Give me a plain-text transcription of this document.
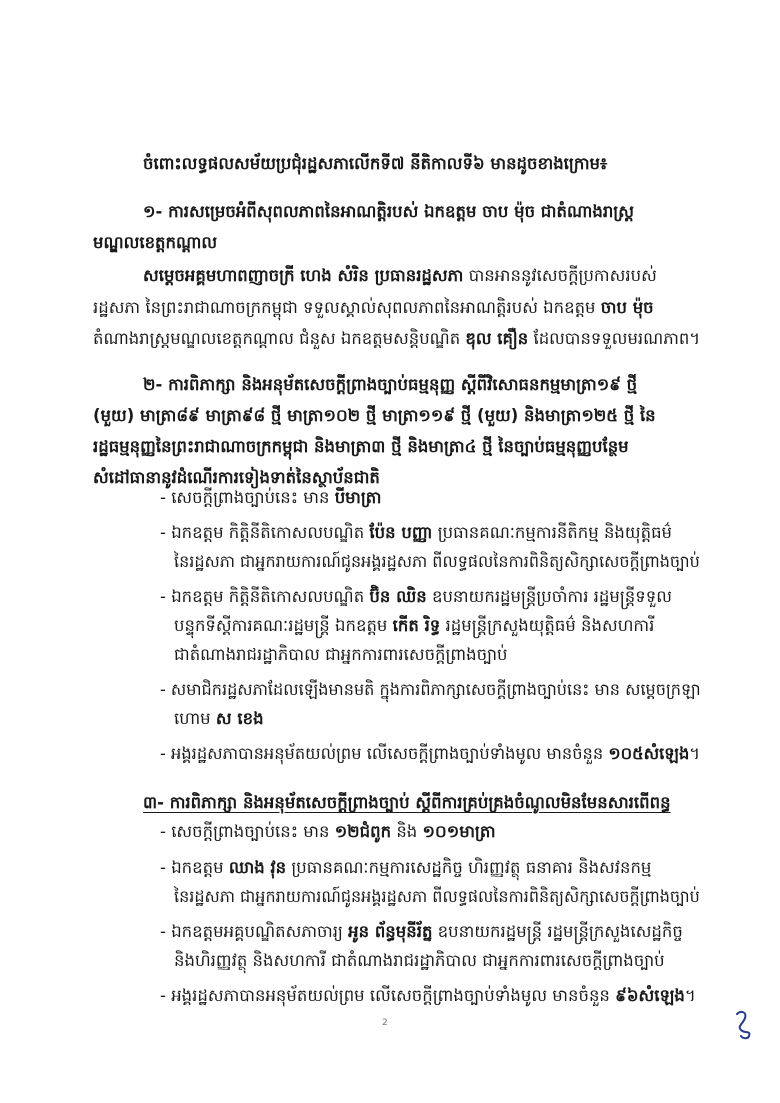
ចំពោះលទ្ធផលសម័យប្រជុំរដ្ឋសភាលើកទី៧ នីតិកាលទី៦ មានដូចខាងក្រោម៖
១- ការសម្រេចអំពីសុពលភាពនៃអាណត្តិរបស់ ឯកឧត្តម ចាប ម៉ុច ជាតំណាងរាស្ត្រ
មណ្ឌលខេត្តកណ្តាល
សម្តេចអគ្គមហាពញាចក្រី ហេង សំរិន ប្រធានរដ្ឋសភា បានអាននូវសេចក្តីប្រកាសរបស់
រដ្ឋសភា នៃព្រះរាជាណាចក្រកម្ពុជា ទទួលស្គាល់សុពលភាពនៃអាណត្តិរបស់ ឯកឧត្តម ចាប ម៉ុច
តំណាងរាស្ត្រមណ្ឌលខេត្តកណ្តាល ជំនួស ឯកឧត្តមសន្តិបណ្ឌិត ឌុល គឿន ដែលបានទទួលមរណភាព។
២- ការពិភាក្សា និងអនុម័តសេចក្តីព្រាងច្បាប់ធម្មនុញ្ញ ស្តីពីវិសោធនកម្មមាត្រា១៩ ថ្មី
(មួយ) មាត្រា៨៩ មាត្រា៩៨ ថ្មី មាត្រា១០២ ថ្មី មាត្រា១១៩ ថ្មី (មួយ) និងមាត្រា១២៥ ថ្មី នៃ
រដ្ឋធម្មនុញ្ញនៃព្រះរាជាណាចក្រកម្ពុជា និងមាត្រា៣ ថ្មី និងមាត្រា៤ ថ្មី នៃច្បាប់ធម្មនុញ្ញបន្ថែម
សំដៅធានានូវដំណើរការទៀងទាត់នៃស្ថាប័នជាតិ
- សេចក្តីព្រាងច្បាប់នេះ មាន បីមាត្រា
- ឯកឧត្តម កិត្តិនីតិកោសលបណ្ឌិត ប៉ែន បញ្ញា ប្រធានគណៈកម្មការនីតិកម្ម និងយុត្តិធម៌
នៃរដ្ឋសភា ជាអ្នករាយការណ៍ជូនអង្គរដ្ឋសភា ពីលទ្ធផលនៃការពិនិត្យសិក្សាសេចក្តីព្រាងច្បាប់
- ឯកឧត្តម កិត្តិនីតិកោសលបណ្ឌិត ប៊ិន ឈិន ឧបនាយករដ្ឋមន្ត្រីប្រចាំការ រដ្ឋមន្ត្រីទទួល
បន្ទុកទីស្តីការគណៈរដ្ឋមន្ត្រី ឯកឧត្តម កើត រិទ្ធ រដ្ឋមន្ត្រីក្រសួងយុត្តិធម៌ និងសហការី
ជាតំណាងរាជរដ្ឋាភិបាល ជាអ្នកការពារសេចក្តីព្រាងច្បាប់
- សមាជិករដ្ឋសភាដែលឡើងមានមតិ ក្នុងការពិភាក្សាសេចក្តីព្រាងច្បាប់នេះ មាន សម្តេចក្រឡា
ហោម ស ខេង
- អង្គរដ្ឋសភាបានអនុម័តយល់ព្រម លើសេចក្តីព្រាងច្បាប់ទាំងមូល មានចំនួន ១០៥សំឡេង។
៣- ការពិភាក្សា និងអនុម័តសេចក្តីព្រាងច្បាប់ ស្តីពីការគ្រប់គ្រងចំណូលមិនមែនសារពើពន្ធ
- សេចក្តីព្រាងច្បាប់នេះ មាន ១២ជំពូក និង ១០១មាត្រា
- ឯកឧត្តម ឈាង វុន ប្រធានគណៈកម្មការសេដ្ឋកិច្ច ហិរញ្ញវត្ថុ ធនាគារ និងសវនកម្ម
នៃរដ្ឋសភា ជាអ្នករាយការណ៍ជូនអង្គរដ្ឋសភា ពីលទ្ធផលនៃការពិនិត្យសិក្សាសេចក្តីព្រាងច្បាប់
- ឯកឧត្តមអគ្គបណ្ឌិតសភាចារ្យ អូន ព័ន្ធមុនីរ័ត្ន ឧបនាយករដ្ឋមន្ត្រី រដ្ឋមន្ត្រីក្រសួងសេដ្ឋកិច្ច
និងហិរញ្ញវត្ថុ និងសហការី ជាតំណាងរាជរដ្ឋាភិបាល ជាអ្នកការពារសេចក្តីព្រាងច្បាប់
- អង្គរដ្ឋសភាបានអនុម័តយល់ព្រម លើសេចក្តីព្រាងច្បាប់ទាំងមូល មានចំនួន ៩៦សំឡេង។
2
